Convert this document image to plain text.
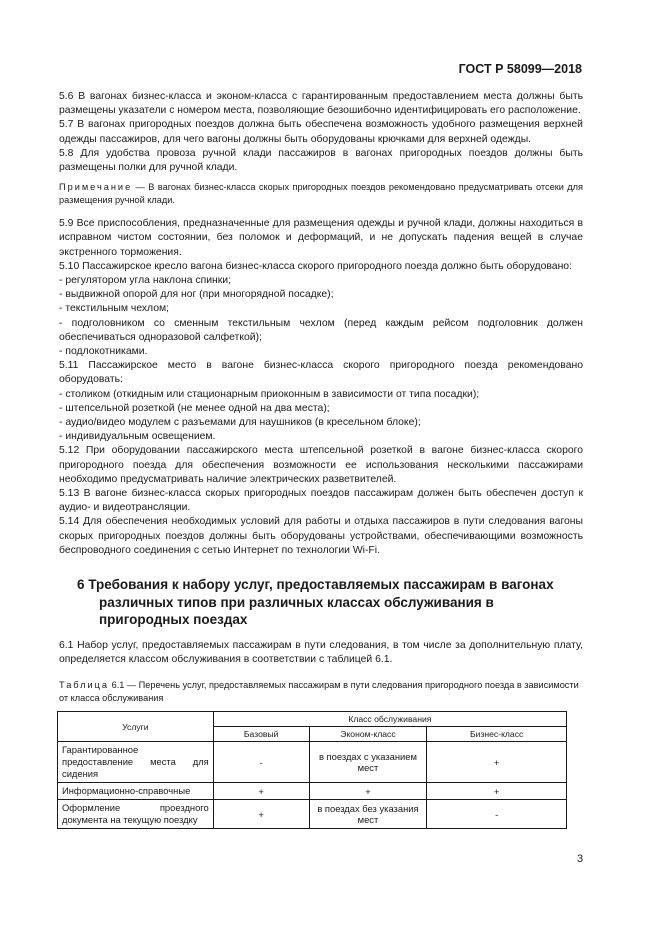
ГОСТ Р 58099—2018

5.6 В вагонах бизнес-класса и эконом-класса с гарантированным предоставлением места должны быть размещены указатели с номером места, позволяющие безошибочно идентифицировать его расположение.

5.7 В вагонах пригородных поездов должна быть обеспечена возможность удобного размещения верхней одежды пассажиров, для чего вагоны должны быть оборудованы крючками для верхней одежды.

5.8 Для удобства провоза ручной клади пассажиров в вагонах пригородных поездов должны быть размещены полки для ручной клади.

Примечание — В вагонах бизнес-класса скорых пригородных поездов рекомендовано предусматривать отсеки для размещения ручной клади.

5.9 Все приспособления, предназначенные для размещения одежды и ручной клади, должны находиться в исправном чистом состоянии, без поломок и деформаций, и не допускать падения вещей в случае экстренного торможения.

5.10 Пассажирское кресло вагона бизнес-класса скорого пригородного поезда должно быть оборудовано:

- регулятором угла наклона спинки;

- выдвижной опорой для ног (при многорядной посадке);

- текстильным чехлом;

- подголовником со сменным текстильным чехлом (перед каждым рейсом подголовник должен обеспечиваться одноразовой салфеткой);

- подлокотниками.

5.11 Пассажирское место в вагоне бизнес-класса скорого пригородного поезда рекомендовано оборудовать:

- столиком (откидным или стационарным приоконным в зависимости от типа посадки);

- штепсельной розеткой (не менее одной на два места);

- аудио/видео модулем с разъемами для наушников (в кресельном блоке);

- индивидуальным освещением.

5.12 При оборудовании пассажирского места штепсельной розеткой в вагоне бизнес-класса скорого пригородного поезда для обеспечения возможности ее использования несколькими пассажирами необходимо предусматривать наличие электрических разветвителей.

5.13 В вагоне бизнес-класса скорых пригородных поездов пассажирам должен быть обеспечен доступ к аудио- и видеотрансляции.

5.14 Для обеспечения необходимых условий для работы и отдыха пассажиров в пути следования вагоны скорых пригородных поездов должны быть оборудованы устройствами, обеспечивающими возможность беспроводного соединения с сетью Интернет по технологии Wi-Fi.

6 Требования к набору услуг, предоставляемых пассажирам в вагонах различных типов при различных классах обслуживания в пригородных поездах

6.1 Набор услуг, предоставляемых пассажирам в пути следования, в том числе за дополнительную плату, определяется классом обслуживания в соответствии с таблицей 6.1.

Таблица 6.1 — Перечень услуг, предоставляемых пассажирам в пути следования пригородного поезда в зависимости от класса обслуживания

Услуги	Класс обслуживания		
	Базовый	Эконом-класс	Бизнес-класс
Гарантированное предоставление места для сидения	-	в поездах с указанием мест	+
Информационно-справочные	+	+	+
Оформление проездного документа на текущую поездку	+	в поездах без указания мест	-
3
